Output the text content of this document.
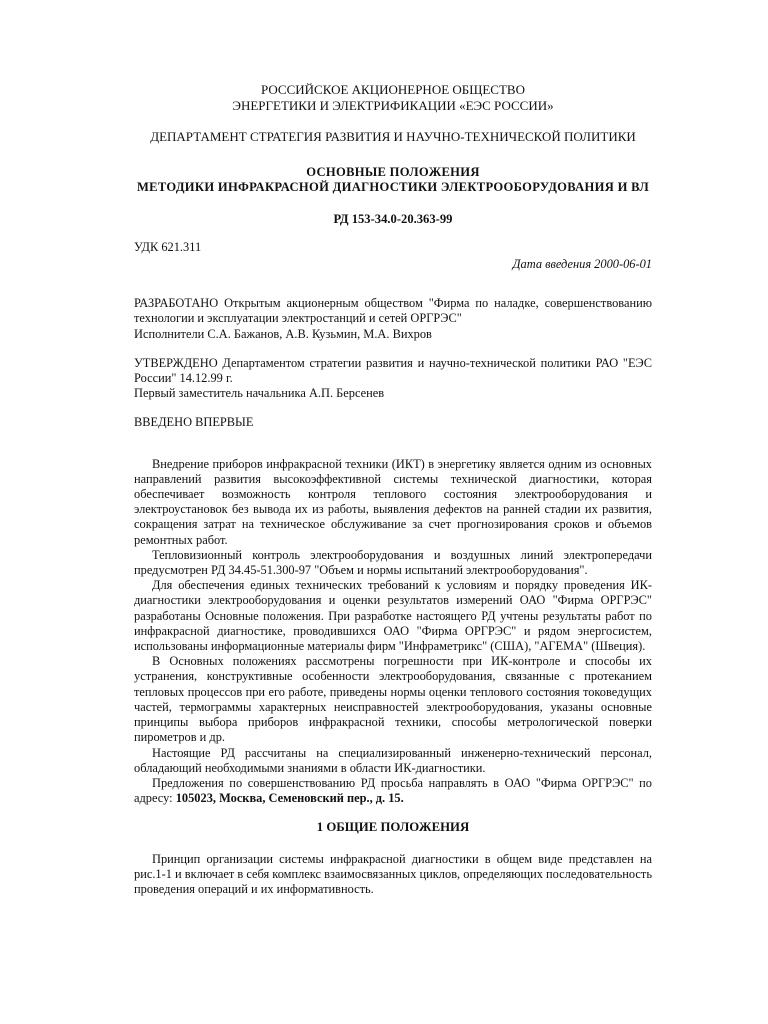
РОССИЙСКОЕ АКЦИОНЕРНОЕ ОБЩЕСТВО
ЭНЕРГЕТИКИ И ЭЛЕКТРИФИКАЦИИ «ЕЭС РОССИИ»
ДЕПАРТАМЕНТ СТРАТЕГИЯ РАЗВИТИЯ И НАУЧНО-ТЕХНИЧЕСКОЙ ПОЛИТИКИ
ОСНОВНЫЕ ПОЛОЖЕНИЯ
МЕТОДИКИ ИНФРАКРАСНОЙ ДИАГНОСТИКИ ЭЛЕКТРООБОРУДОВАНИЯ И ВЛ
РД 153-34.0-20.363-99
УДК 621.311
Дата введения 2000-06-01

РАЗРАБОТАНО Открытым акционерным обществом "Фирма по наладке, совершенствованию технологии и эксплуатации электростанций и сетей ОРГРЭС"

Исполнители С.А. Бажанов, А.В. Кузьмин, М.А. Вихров

УТВЕРЖДЕНО Департаментом стратегии развития и научно-технической политики РАО "ЕЭС России" 14.12.99 г.

Первый заместитель начальника А.П. Берсенев

ВВЕДЕНО ВПЕРВЫЕ

Внедрение приборов инфракрасной техники (ИКТ) в энергетику является одним из основных направлений развития высокоэффективной системы технической диагностики, которая обеспечивает возможность контроля теплового состояния электрооборудования и электроустановок без вывода их из работы, выявления дефектов на ранней стадии их развития, сокращения затрат на техническое обслуживание за счет прогнозирования сроков и объемов ремонтных работ.

Тепловизионный контроль электрооборудования и воздушных линий электропередачи предусмотрен РД 34.45-51.300-97 "Объем и нормы испытаний электрооборудования".

Для обеспечения единых технических требований к условиям и порядку проведения ИК-диагностики электрооборудования и оценки результатов измерений ОАО "Фирма ОРГРЭС" разработаны Основные положения. При разработке настоящего РД учтены результаты работ по инфракрасной диагностике, проводившихся ОАО "Фирма ОРГРЭС" и рядом энергосистем, использованы информационные материалы фирм "Инфраметрикс" (США), "АГЕМА" (Швеция).

В Основных положениях рассмотрены погрешности при ИК-контроле и способы их устранения, конструктивные особенности электрооборудования, связанные с протеканием тепловых процессов при его работе, приведены нормы оценки теплового состояния токоведущих частей, термограммы характерных неисправностей электрооборудования, указаны основные принципы выбора приборов инфракрасной техники, способы метрологической поверки пирометров и др.

Настоящие РД рассчитаны на специализированный инженерно-технический персонал, обладающий необходимыми знаниями в области ИК-диагностики.

Предложения по совершенствованию РД просьба направлять в ОАО "Фирма ОРГРЭС" по адресу: 105023, Москва, Семеновский пер., д. 15.

1 ОБЩИЕ ПОЛОЖЕНИЯ

Принцип организации системы инфракрасной диагностики в общем виде представлен на рис.1-1 и включает в себя комплекс взаимосвязанных циклов, определяющих последовательность проведения операций и их информативность.
